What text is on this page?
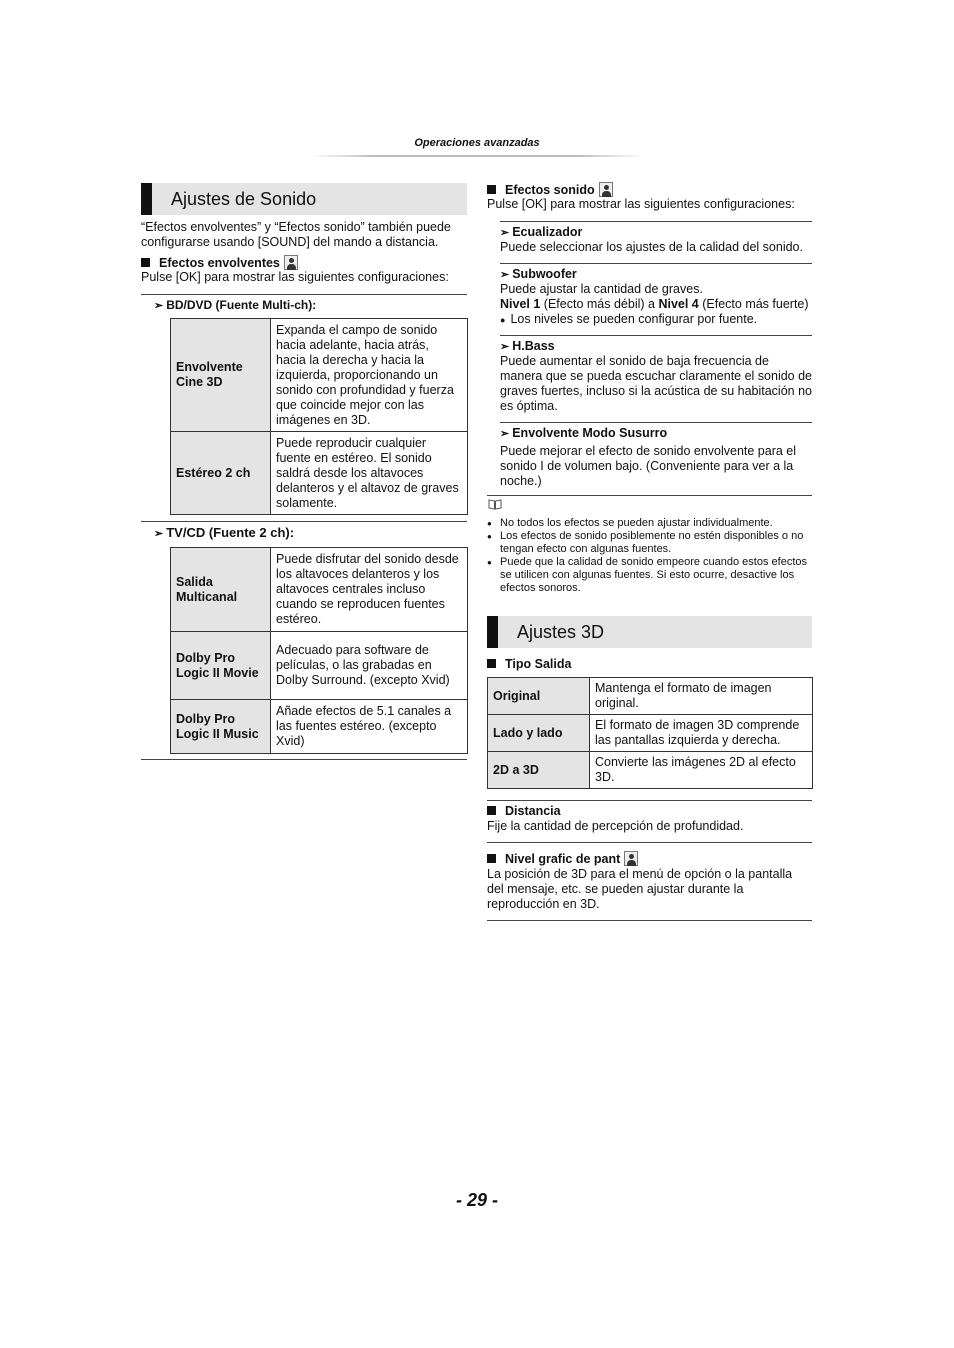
Operaciones avanzadas
Ajustes de Sonido

“Efectos envolventes” y “Efectos sonido” también puede configurarse usando [SOUND] del mando a distancia.

Efectos envolventes

Pulse [OK] para mostrar las siguientes configuraciones:

➢ BD/DVD (Fuente Multi-ch):

Envolvente Cine 3D	Expanda el campo de sonido hacia adelante, hacia atrás, hacia la derecha y hacia la izquierda, proporcionando un sonido con profundidad y fuerza que coincide mejor con las imágenes en 3D.
Estéreo 2 ch	Puede reproducir cualquier fuente en estéreo. El sonido saldrá desde los altavoces delanteros y el altavoz de graves solamente.

➢ TV/CD (Fuente 2 ch):

Salida Multicanal	Puede disfrutar del sonido desde los altavoces delanteros y los altavoces centrales incluso cuando se reproducen fuentes estéreo.
Dolby Pro Logic II Movie	Adecuado para software de películas, o las grabadas en Dolby Surround. (excepto Xvid)
Dolby Pro Logic II Music	Añade efectos de 5.1 canales a las fuentes estéreo. (excepto Xvid)

Efectos sonido

Pulse [OK] para mostrar las siguientes configuraciones:

➢ Ecualizador

Puede seleccionar los ajustes de la calidad del sonido.

➢ Subwoofer

Puede ajustar la cantidad de graves.

Nivel 1 (Efecto más débil) a Nivel 4 (Efecto más fuerte)

● Los niveles se pueden configurar por fuente.

➢ H.Bass

Puede aumentar el sonido de baja frecuencia de manera que se pueda escuchar claramente el sonido de graves fuertes, incluso si la acústica de su habitación no es óptima.

➢ Envolvente Modo Susurro

Puede mejorar el efecto de sonido envolvente para el sonido I de volumen bajo. (Conveniente para ver a la noche.)

● No todos los efectos se pueden ajustar individualmente.
● Los efectos de sonido posiblemente no estén disponibles o no tengan efecto con algunas fuentes.
● Puede que la calidad de sonido empeore cuando estos efectos se utilicen con algunas fuentes. Si esto ocurre, desactive los efectos sonoros.
Ajustes 3D

Tipo Salida

Original	Mantenga el formato de imagen original.
Lado y lado	El formato de imagen 3D comprende las pantallas izquierda y derecha.
2D a 3D	Convierte las imágenes 2D al efecto 3D.

Distancia

Fije la cantidad de percepción de profundidad.

Nivel grafic de pant

La posición de 3D para el menú de opción o la pantalla del mensaje, etc. se pueden ajustar durante la reproducción en 3D.

- 29 -
